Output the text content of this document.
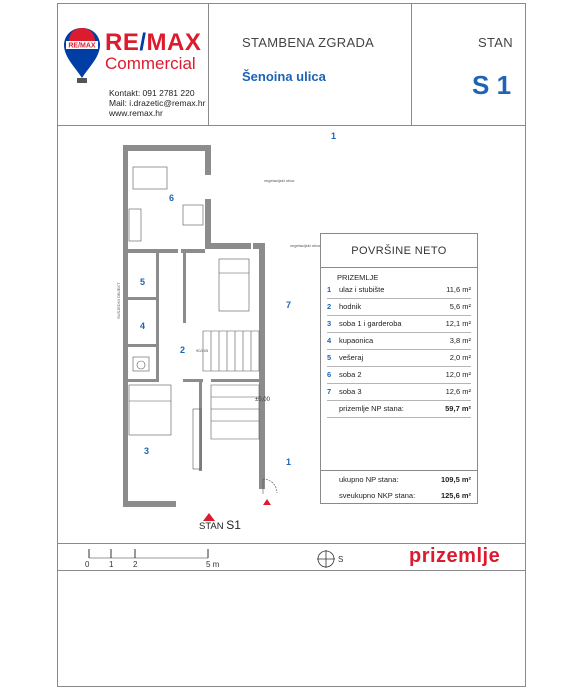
RE/MAX RE/MAX
Commercial
Kontakt: 091 2781 220
Mail: i.drazetic@remax.hr
www.remax.hr
STAMBENA ZGRADA
Šenoina ulica
STAN
S 1
1
1
2
3
4
5
6
7
vegetacijski otvor
vegetacijski otvor
90/205
SUSJEDNI OBJEKT
±0,00
STAN S1
POVRŠINE NETO
PRIZEMLJE
1 ulaz i stubište	11,6 m²
2 hodnik	5,6 m²
3 soba 1 i garderoba	12,1 m²
4 kupaonica	3,8 m²
5 vešeraj	2,0 m²
6 soba 2	12,0 m²
7 soba 3	12,6 m²
prizemlje NP stana:	59,7 m²
ukupno NP stana:	109,5 m²
sveukupno NKP stana:	125,6 m²
0 1 2	5 m
S	prizemlje
